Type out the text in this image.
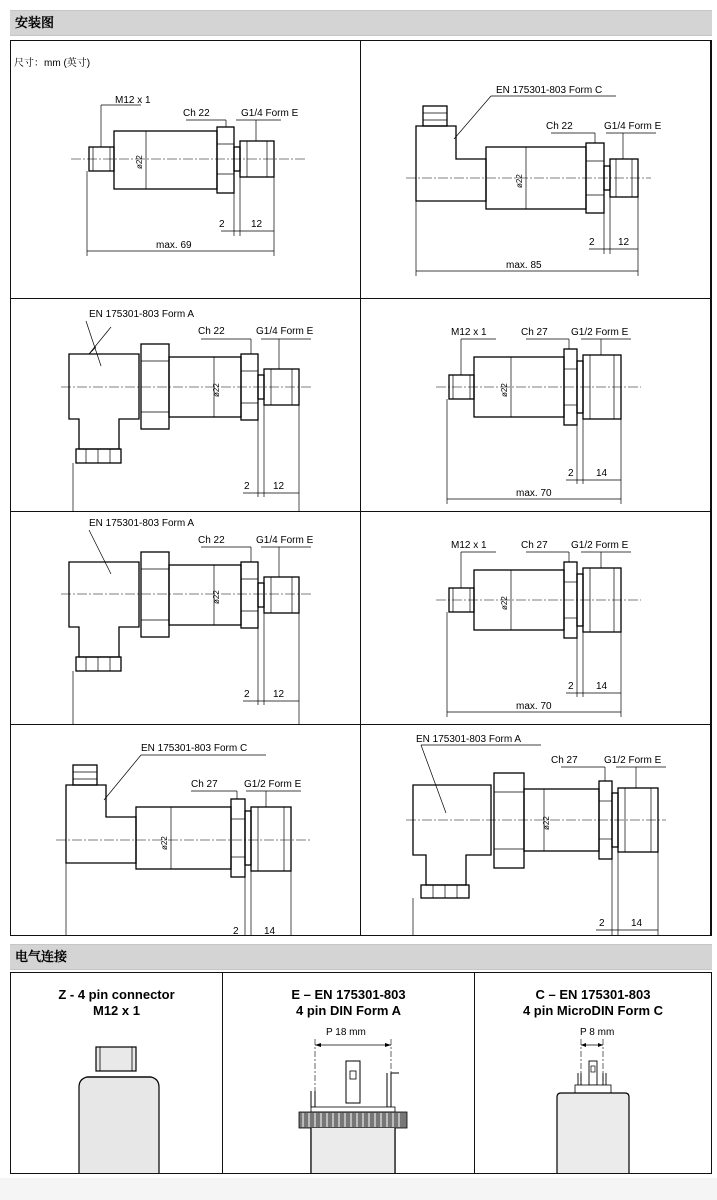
安装图
尺寸：mm (英寸)
M12 x 1
Ch 22	G1/4 Form E
ø22
2	12
max. 69
EN 175301-803 Form C
Ch 22	G1/4 Form E
ø22
2 12
max. 85
EN 175301-803 Form A
Ch 22	G1/4 Form E
ø22
2 12
M12 x 1	Ch 27 G1/2 Form E
ø22
2 14
max. 70
EN 175301-803 Form A
Ch 22	G1/4 Form E
ø22
2 12
M12 x 1	Ch 27 G1/2 Form E
ø22
2 14
max. 70
EN 175301-803 Form C
Ch 27	G1/2 Form E
ø22
2	14
EN 175301-803 Form A
Ch 27	G1/2 Form E
ø22
2	14
电气连接
Z - 4 pin connector
M12 x 1
E – EN 175301-803
4 pin DIN Form A
P 18 mm
C – EN 175301-803
4 pin MicroDIN Form C
P 8 mm
